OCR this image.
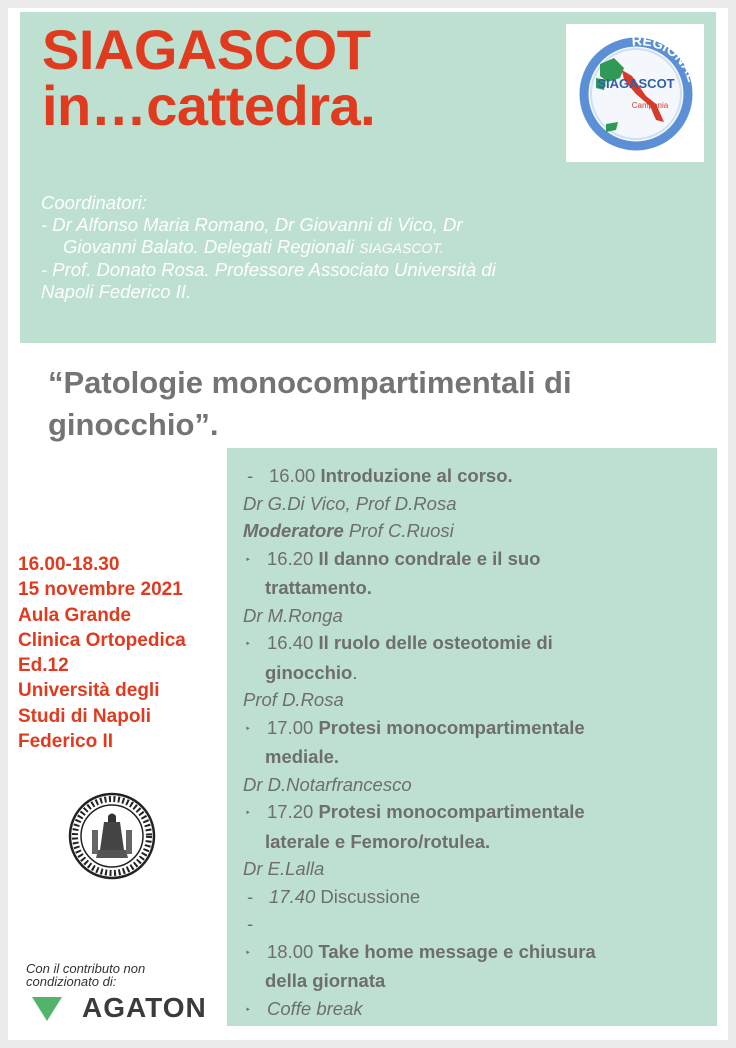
SIAGASCOT
in…cattedra.	SIAGASCOT
Campania
REGIONAL
Coordinatori:
- Dr Alfonso Maria Romano, Dr Giovanni di Vico, Dr
Giovanni Balato. Delegati Regionali SIAGASCOT.
- Prof. Donato Rosa. Professore Associato Università di
Napoli Federico II.
“Patologie monocompartimentali di
ginocchio”.
16.00-18.30
15 novembre 2021
Aula Grande
Clinica Ortopedica
Ed.12
Università degli
Studi di Napoli
Federico II
Con il contributo non
condizionato di:
AGATON
- 16.00 Introduzione al corso.
Dr G.Di Vico, Prof D.Rosa
Moderatore Prof C.Ruosi
‣ 16.20 Il danno condrale e il suo
trattamento.
Dr M.Ronga
‣ 16.40 Il ruolo delle osteotomie di
ginocchio.
Prof D.Rosa
‣ 17.00 Protesi monocompartimentale
mediale.
Dr D.Notarfrancesco
‣ 17.20 Protesi monocompartimentale
laterale e Femoro/rotulea.
Dr E.Lalla
- 17.40 Discussione
-
‣ 18.00 Take home message e chiusura
della giornata
‣ Coffe break
